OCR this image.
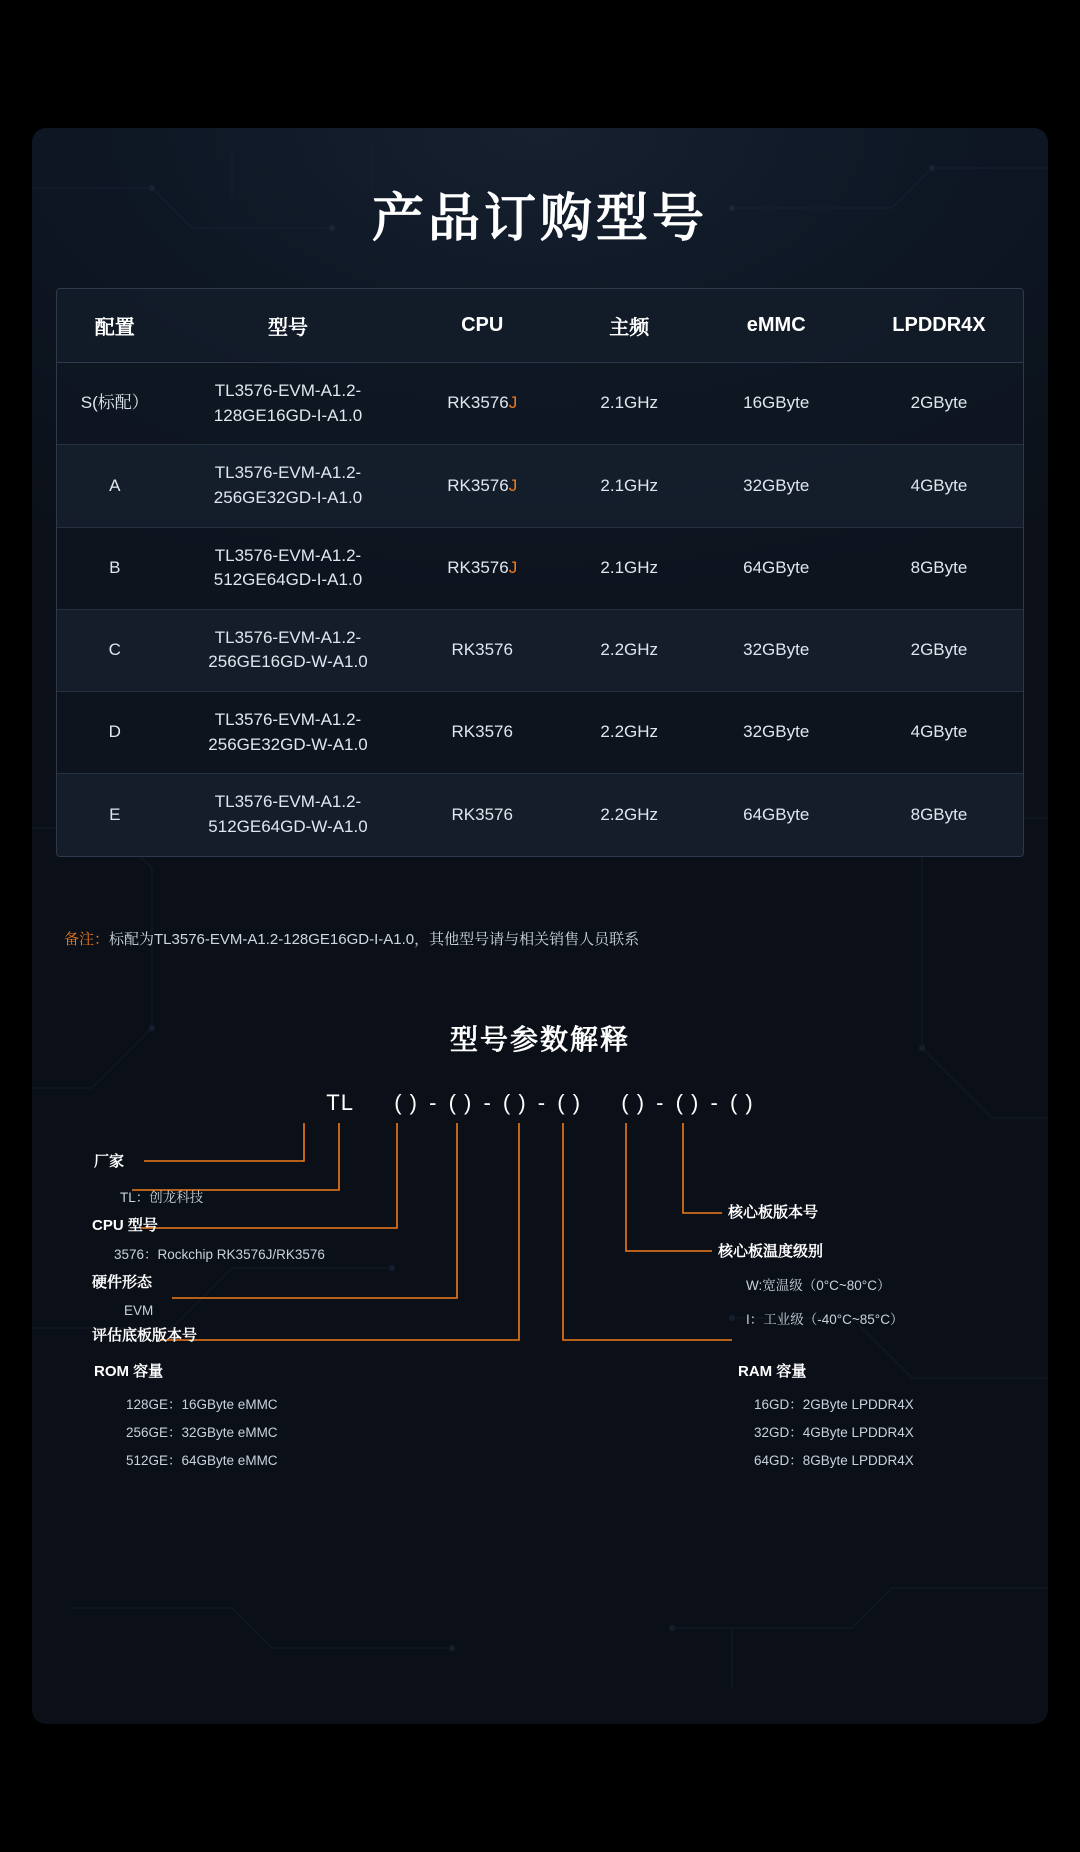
产品订购型号
配置	型号	CPU	主频	eMMC	LPDDR4X
S(标配）	TL3576-EVM-A1.2-128GE16GD-I-A1.0	RK3576J	2.1GHz	16GByte	2GByte
A	TL3576-EVM-A1.2-256GE32GD-I-A1.0	RK3576J	2.1GHz	32GByte	4GByte
B	TL3576-EVM-A1.2-512GE64GD-I-A1.0	RK3576J	2.1GHz	64GByte	8GByte
C	TL3576-EVM-A1.2-256GE16GD-W-A1.0	RK3576	2.2GHz	32GByte	2GByte
D	TL3576-EVM-A1.2-256GE32GD-W-A1.0	RK3576	2.2GHz	32GByte	4GByte
E	TL3576-EVM-A1.2-512GE64GD-W-A1.0	RK3576	2.2GHz	64GByte	8GByte
备注：标配为TL3576-EVM-A1.2-128GE16GD-I-A1.0，其他型号请与相关销售人员联系
型号参数解释
TL ( ) - ( ) - ( ) - ( ) ( ) - ( ) - ( )
厂家
TL：创龙科技
CPU 型号
3576：Rockchip RK3576J/RK3576
硬件形态
EVM
评估底板版本号
ROM 容量
128GE：16GByte eMMC
256GE：32GByte eMMC
512GE：64GByte eMMC
核心板版本号
核心板温度级别
W:宽温级（0°C~80°C）
I：工业级（-40°C~85°C）
RAM 容量
16GD：2GByte LPDDR4X
32GD：4GByte LPDDR4X
64GD：8GByte LPDDR4X
